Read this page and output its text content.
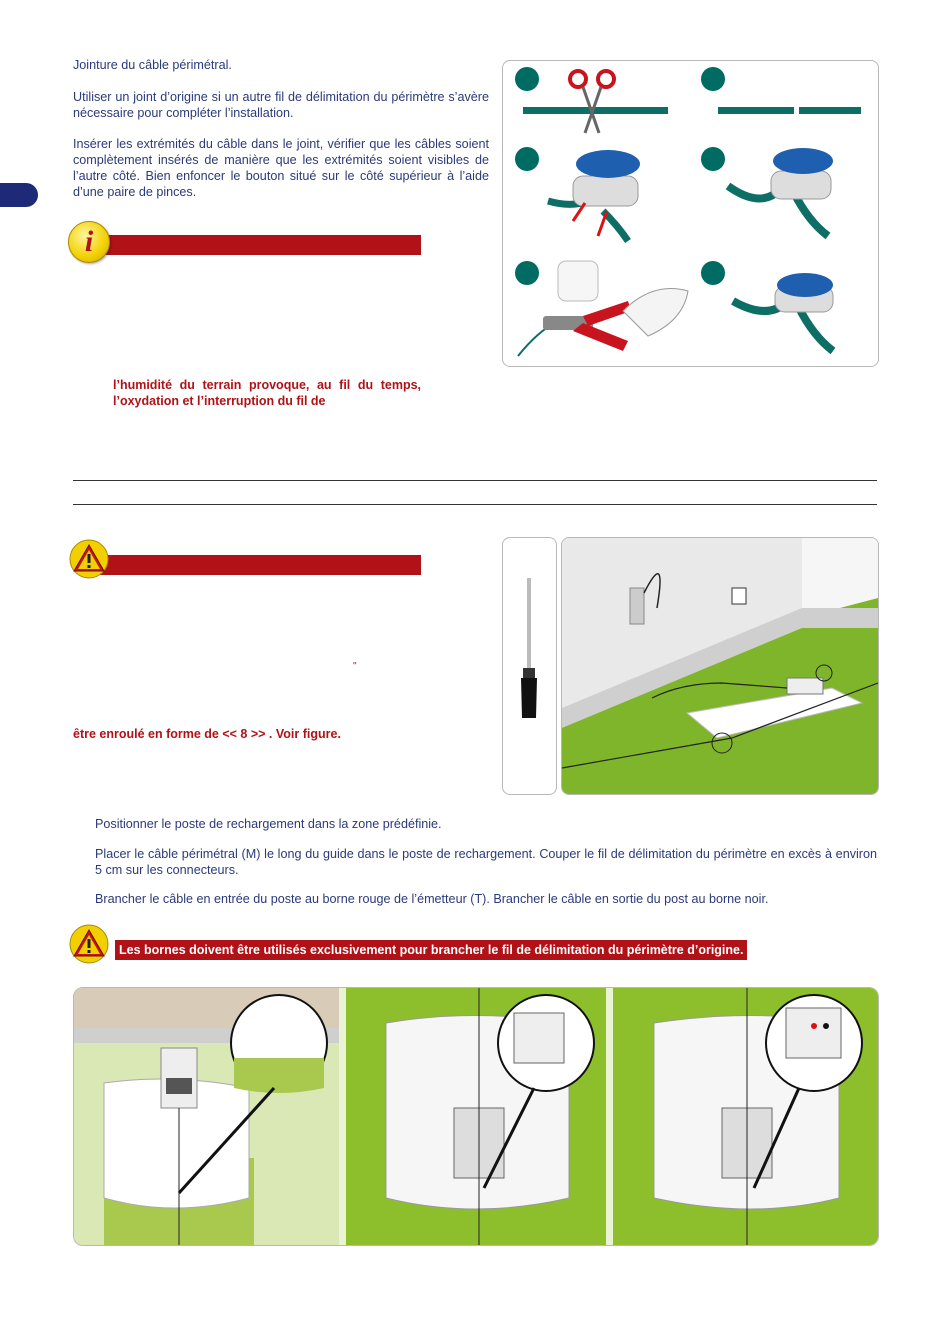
Jointure du câble périmétral.
Utiliser un joint d’origine si un autre fil de délimitation du périmètre s’avère nécessaire pour compléter l’installation.
Insérer les extrémités du câble dans le joint, vérifier que les câbles soient complètement insérés de manière que les extrémités soient visibles de l’autre côté. Bien enfoncer le bouton situé sur le côté supérieur à l’aide d’une paire de pinces.
i
l’humidité du terrain provoque, au fil du temps, l’oxydation et l’interruption du fil de
"
être enroulé en forme de << 8 >> . Voir figure.
Positionner le poste de rechargement dans la zone prédéfinie.
Placer le câble périmétral (M) le long du guide dans le poste de rechargement. Couper le fil de délimitation du périmètre en excès à environ 5 cm sur les connecteurs.
Brancher le câble en entrée du poste au borne rouge de l’émetteur (T). Brancher le câble en sortie du post au borne noir.
Les bornes doivent être utilisés exclusivement pour brancher le fil de délimitation du périmètre d’origine.
